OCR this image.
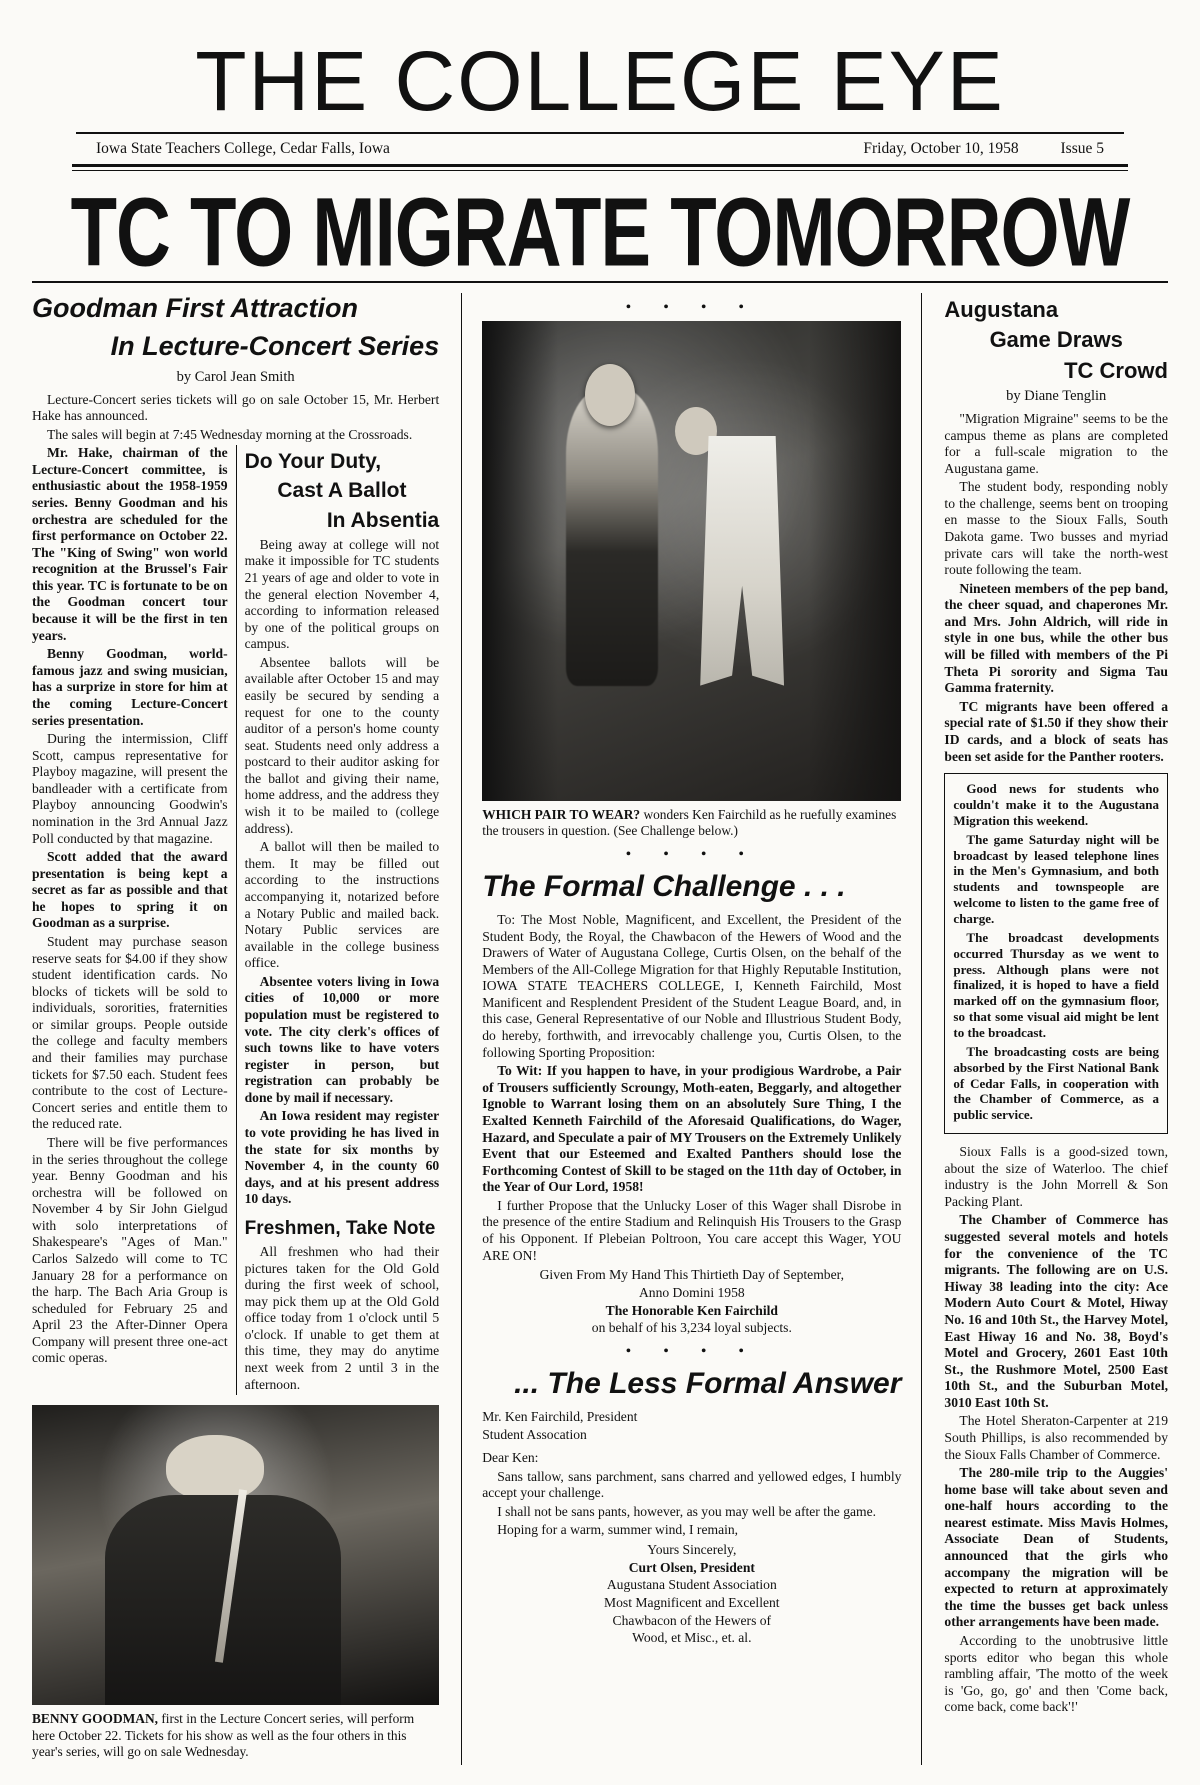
THE COLLEGE EYE
Iowa State Teachers College, Cedar Falls, Iowa	Friday, October 10, 1958	Issue 5
TC TO MIGRATE TOMORROW
Goodman First Attraction
In Lecture-Concert Series
by Carol Jean Smith

Lecture-Concert series tickets will go on sale October 15, Mr. Herbert Hake has announced.

The sales will begin at 7:45 Wednesday morning at the Crossroads.

Mr. Hake, chairman of the Lecture-Concert committee, is enthusiastic about the 1958-1959 series. Benny Goodman and his orchestra are scheduled for the first performance on October 22. The "King of Swing" won world recognition at the Brussel's Fair this year. TC is fortunate to be on the Goodman concert tour because it will be the first in ten years.

Benny Goodman, world-famous jazz and swing musician, has a surprize in store for him at the coming Lecture-Concert series presentation.

During the intermission, Cliff Scott, campus representative for Playboy magazine, will present the bandleader with a certificate from Playboy announcing Goodwin's nomination in the 3rd Annual Jazz Poll conducted by that magazine.

Scott added that the award presentation is being kept a secret as far as possible and that he hopes to spring it on Goodman as a surprise.

Student may purchase season reserve seats for $4.00 if they show student identification cards. No blocks of tickets will be sold to individuals, sororities, fraternities or similar groups. People outside the college and faculty members and their families may purchase tickets for $7.50 each. Student fees contribute to the cost of Lecture-Concert series and entitle them to the reduced rate.

There will be five performances in the series throughout the college year. Benny Goodman and his orchestra will be followed on November 4 by Sir John Gielgud with solo interpretations of Shakespeare's "Ages of Man." Carlos Salzedo will come to TC January 28 for a performance on the harp. The Bach Aria Group is scheduled for February 25 and April 23 the After-Dinner Opera Company will present three one-act comic operas.

Do Your Duty,
Cast A Ballot
In Absentia

Being away at college will not make it impossible for TC students 21 years of age and older to vote in the general election November 4, according to information released by one of the political groups on campus.

Absentee ballots will be available after October 15 and may easily be secured by sending a request for one to the county auditor of a person's home county seat. Students need only address a postcard to their auditor asking for the ballot and giving their name, home address, and the address they wish it to be mailed to (college address).

A ballot will then be mailed to them. It may be filled out according to the instructions accompanying it, notarized before a Notary Public and mailed back. Notary Public services are available in the college business office.

Absentee voters living in Iowa cities of 10,000 or more population must be registered to vote. The city clerk's offices of such towns like to have voters register in person, but registration can probably be done by mail if necessary.

An Iowa resident may register to vote providing he has lived in the state for six months by November 4, in the county 60 days, and at his present address 10 days.

Freshmen, Take Note

All freshmen who had their pictures taken for the Old Gold during the first week of school, may pick them up at the Old Gold office today from 1 o'clock until 5 o'clock. If unable to get them at this time, they may do anytime next week from 2 until 3 in the afternoon.

BENNY GOODMAN, first in the Lecture Concert series, will perform here October 22. Tickets for his show as well as the four others in this year's series, will go on sale Wednesday.
• • • •
WHICH PAIR TO WEAR? wonders Ken Fairchild as he ruefully examines the trousers in question. (See Challenge below.)
• • • •
The Formal Challenge . . .

To: The Most Noble, Magnificent, and Excellent, the President of the Student Body, the Royal, the Chawbacon of the Hewers of Wood and the Drawers of Water of Augustana College, Curtis Olsen, on the behalf of the Members of the All-College Migration for that Highly Reputable Institution, IOWA STATE TEACHERS COLLEGE, I, Kenneth Fairchild, Most Manificent and Resplendent President of the Student League Board, and, in this case, General Representative of our Noble and Illustrious Student Body, do hereby, forthwith, and irrevocably challenge you, Curtis Olsen, to the following Sporting Proposition:

To Wit: If you happen to have, in your prodigious Wardrobe, a Pair of Trousers sufficiently Scroungy, Moth-eaten, Beggarly, and altogether Ignoble to Warrant losing them on an absolutely Sure Thing, I the Exalted Kenneth Fairchild of the Aforesaid Qualifications, do Wager, Hazard, and Speculate a pair of MY Trousers on the Extremely Unlikely Event that our Esteemed and Exalted Panthers should lose the Forthcoming Contest of Skill to be staged on the 11th day of October, in the Year of Our Lord, 1958!

I further Propose that the Unlucky Loser of this Wager shall Disrobe in the presence of the entire Stadium and Relinquish His Trousers to the Grasp of his Opponent. If Plebeian Poltroon, You care accept this Wager, YOU ARE ON!

Given From My Hand This Thirtieth Day of September,
Anno Domini 1958
The Honorable Ken Fairchild
on behalf of his 3,234 loyal subjects.
• • • •
... The Less Formal Answer

Mr. Ken Fairchild, President

Student Assocation

Dear Ken:

Sans tallow, sans parchment, sans charred and yellowed edges, I humbly accept your challenge.

I shall not be sans pants, however, as you may well be after the game.

Hoping for a warm, summer wind, I remain,

Yours Sincerely,
Curt Olsen, President
Augustana Student Association
Most Magnificent and Excellent
Chawbacon of the Hewers of
Wood, et Misc., et. al.
Augustana
Game Draws
TC Crowd
by Diane Tenglin

"Migration Migraine" seems to be the campus theme as plans are completed for a full-scale migration to the Augustana game.

The student body, responding nobly to the challenge, seems bent on trooping en masse to the Sioux Falls, South Dakota game. Two busses and myriad private cars will take the north-west route following the team.

Nineteen members of the pep band, the cheer squad, and chaperones Mr. and Mrs. John Aldrich, will ride in style in one bus, while the other bus will be filled with members of the Pi Theta Pi sorority and Sigma Tau Gamma fraternity.

TC migrants have been offered a special rate of $1.50 if they show their ID cards, and a block of seats has been set aside for the Panther rooters.

Good news for students who couldn't make it to the Augustana Migration this weekend.

The game Saturday night will be broadcast by leased telephone lines in the Men's Gymnasium, and both students and townspeople are welcome to listen to the game free of charge.

The broadcast developments occurred Thursday as we went to press. Although plans were not finalized, it is hoped to have a field marked off on the gymnasium floor, so that some visual aid might be lent to the broadcast.

The broadcasting costs are being absorbed by the First National Bank of Cedar Falls, in cooperation with the Chamber of Commerce, as a public service.

Sioux Falls is a good-sized town, about the size of Waterloo. The chief industry is the John Morrell & Son Packing Plant.

The Chamber of Commerce has suggested several motels and hotels for the convenience of the TC migrants. The following are on U.S. Hiway 38 leading into the city: Ace Modern Auto Court & Motel, Hiway No. 16 and 10th St., the Harvey Motel, East Hiway 16 and No. 38, Boyd's Motel and Grocery, 2601 East 10th St., the Rushmore Motel, 2500 East 10th St., and the Suburban Motel, 3010 East 10th St.

The Hotel Sheraton-Carpenter at 219 South Phillips, is also recommended by the Sioux Falls Chamber of Commerce.

The 280-mile trip to the Auggies' home base will take about seven and one-half hours according to the nearest estimate. Miss Mavis Holmes, Associate Dean of Students, announced that the girls who accompany the migration will be expected to return at approximately the time the busses get back unless other arrangements have been made.

According to the unobtrusive little sports editor who began this whole rambling affair, 'The motto of the week is 'Go, go, go' and then 'Come back, come back, come back'!'
